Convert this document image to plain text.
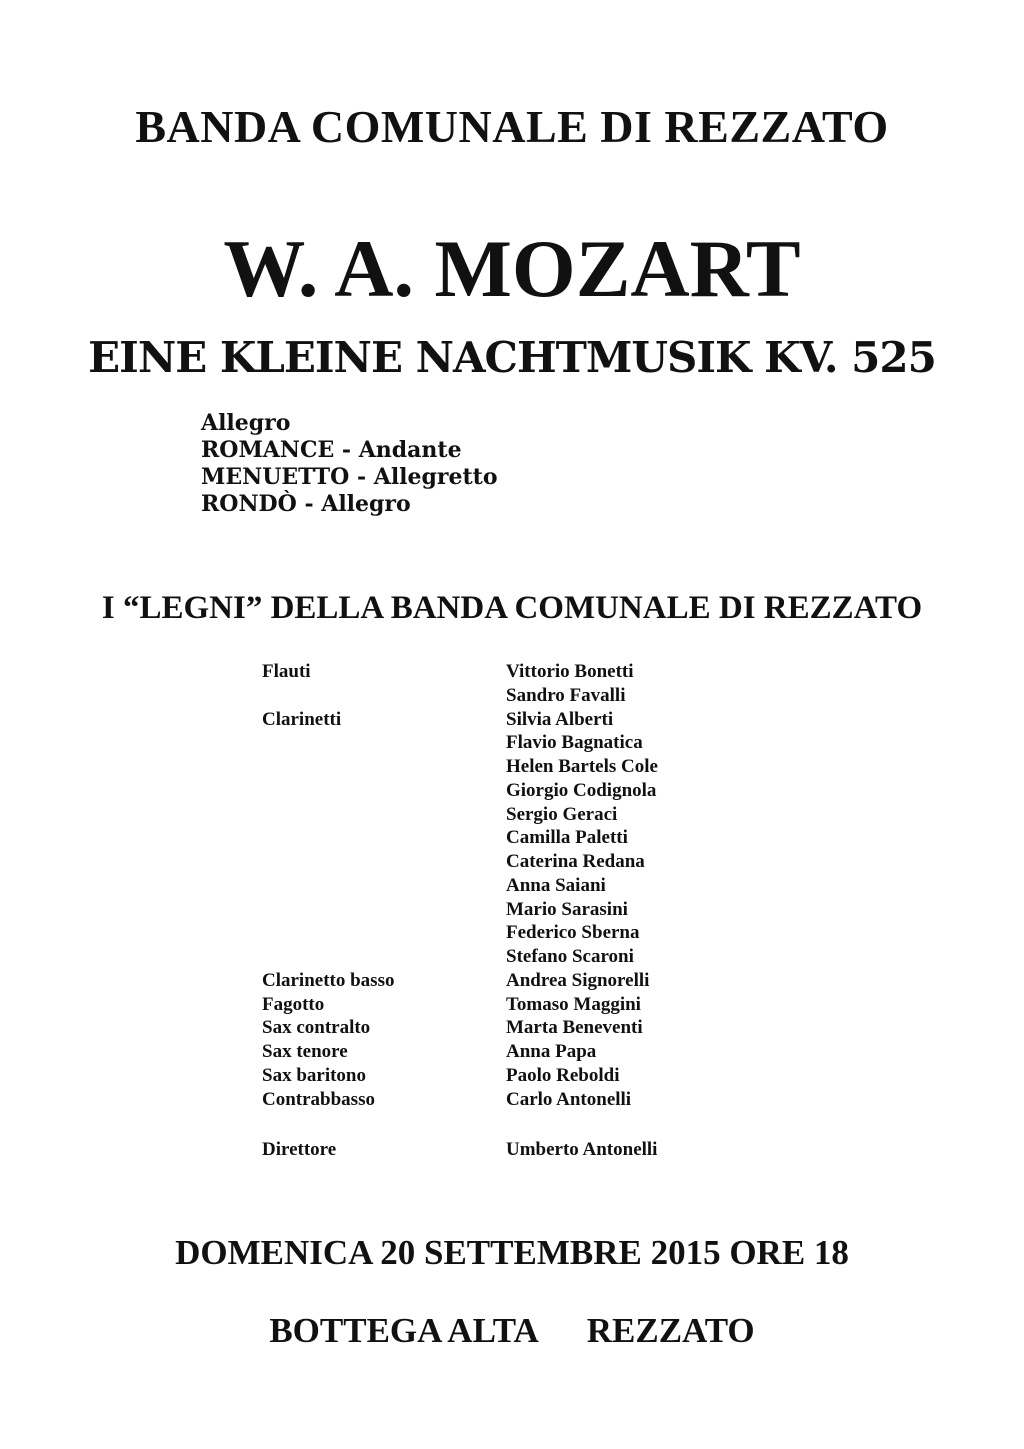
BANDA COMUNALE DI REZZATO
W. A. MOZART
EINE KLEINE NACHTMUSIK KV. 525
Allegro
ROMANCE - Andante
MENUETTO - Allegretto
RONDÒ - Allegro
I “LEGNI” DELLA BANDA COMUNALE DI REZZATO
Flauti	Vittorio Bonetti
Sandro Favalli
Clarinetti	Silvia Alberti
Flavio Bagnatica
Helen Bartels Cole
Giorgio Codignola
Sergio Geraci
Camilla Paletti
Caterina Redana
Anna Saiani
Mario Sarasini
Federico Sberna
Stefano Scaroni
Clarinetto basso	Andrea Signorelli
Fagotto	Tomaso Maggini
Sax contralto	Marta Beneventi
Sax tenore	Anna Papa
Sax baritono	Paolo Reboldi
Contrabbasso	Carlo Antonelli
Direttore	Umberto Antonelli
DOMENICA 20 SETTEMBRE 2015 ORE 18
BOTTEGA ALTA REZZATO
